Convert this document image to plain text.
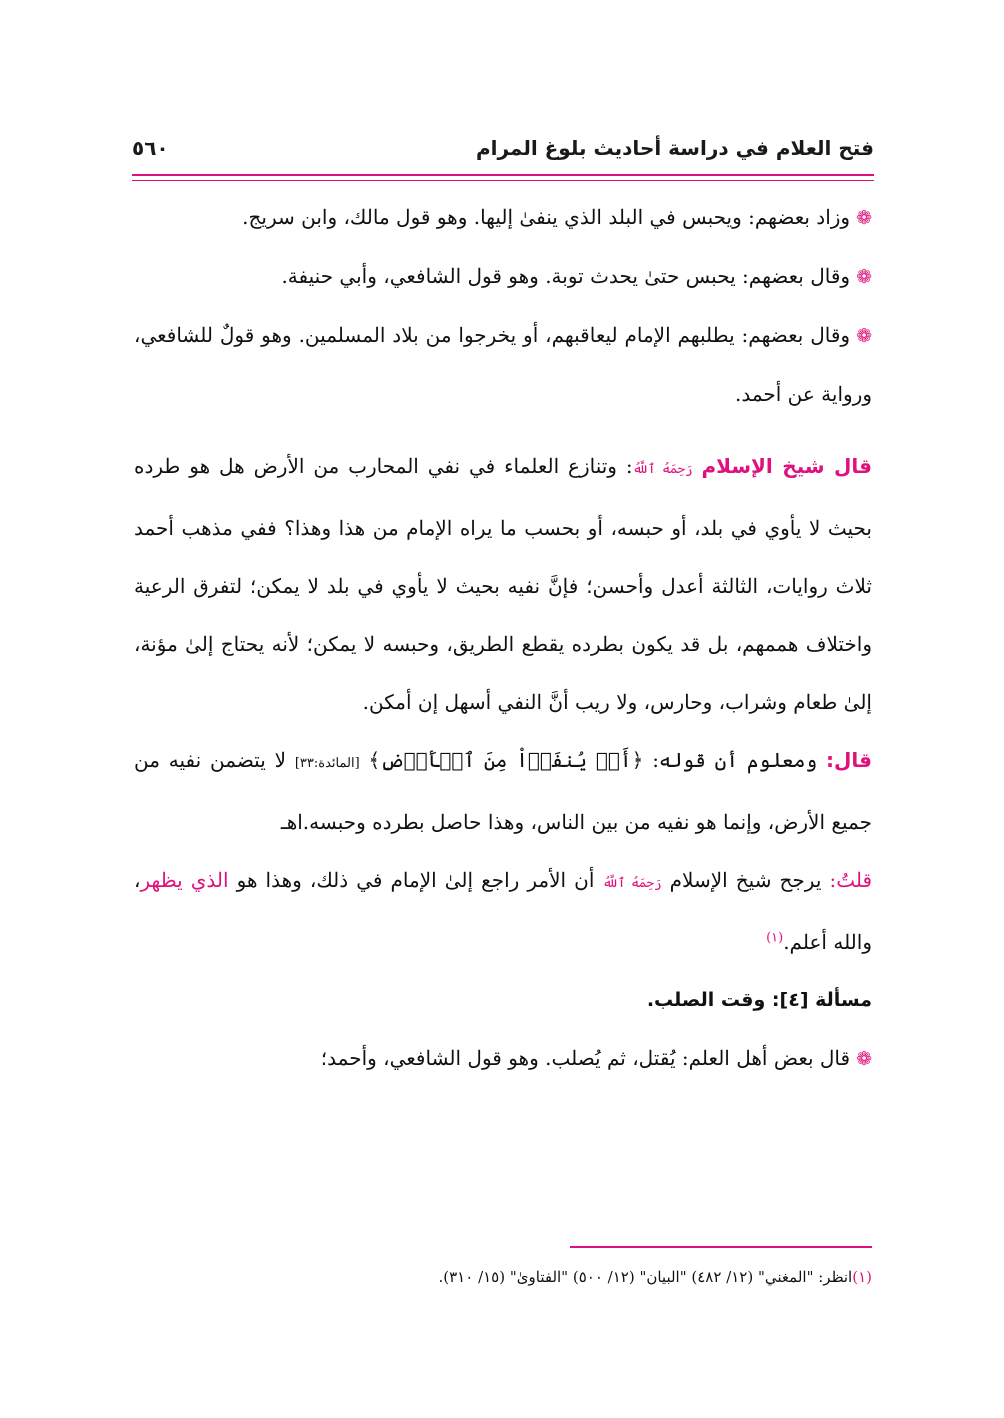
فتح العلام في دراسة أحاديث بلوغ المرام
٥٦٠

❁وزاد بعضهم: ويحبس في البلد الذي ينفىٰ إليها. وهو قول مالك، وابن سريج.

❁وقال بعضهم: يحبس حتىٰ يحدث توبة. وهو قول الشافعي، وأبي حنيفة.

❁وقال بعضهم: يطلبهم الإمام ليعاقبهم، أو يخرجوا من بلاد المسلمين. وهو قولٌ للشافعي، ورواية عن أحمد.

قال شيخ الإسلام رَحِمَهُ ٱللَّهُ: وتنازع العلماء في نفي المحارب من الأرض هل هو طرده بحيث لا يأوي في بلد، أو حبسه، أو بحسب ما يراه الإمام من هذا وهذا؟ ففي مذهب أحمد ثلاث روايات، الثالثة أعدل وأحسن؛ فإنَّ نفيه بحيث لا يأوي في بلد لا يمكن؛ لتفرق الرعية واختلاف هممهم، بل قد يكون بطرده يقطع الطريق، وحبسه لا يمكن؛ لأنه يحتاج إلىٰ مؤنة، إلىٰ طعام وشراب، وحارس، ولا ريب أنَّ النفي أسهل إن أمكن.

قال: ومعلوم أن قوله: ﴿أَوۡ يُنفَوۡاْ مِنَ ٱلۡأَرۡضِ﴾ [المائدة:٣٣] لا يتضمن نفيه من جميع الأرض، وإنما هو نفيه من بين الناس، وهذا حاصل بطرده وحبسه.اهـ

قلتُ: يرجح شيخ الإسلام رَحِمَهُ ٱللَّهُ أن الأمر راجع إلىٰ الإمام في ذلك، وهذا هو الذي يظهر، والله أعلم.$^{(١)}$

مسألة [٤]: وقت الصلب.

❁قال بعض أهل العلم: يُقتل، ثم يُصلب. وهو قول الشافعي، وأحمد؛

(١)انظر: "المغني" (١٢/ ٤٨٢) "البيان" (١٢/ ٥٠٠) "الفتاوىٰ" (١٥/ ٣١٠).
